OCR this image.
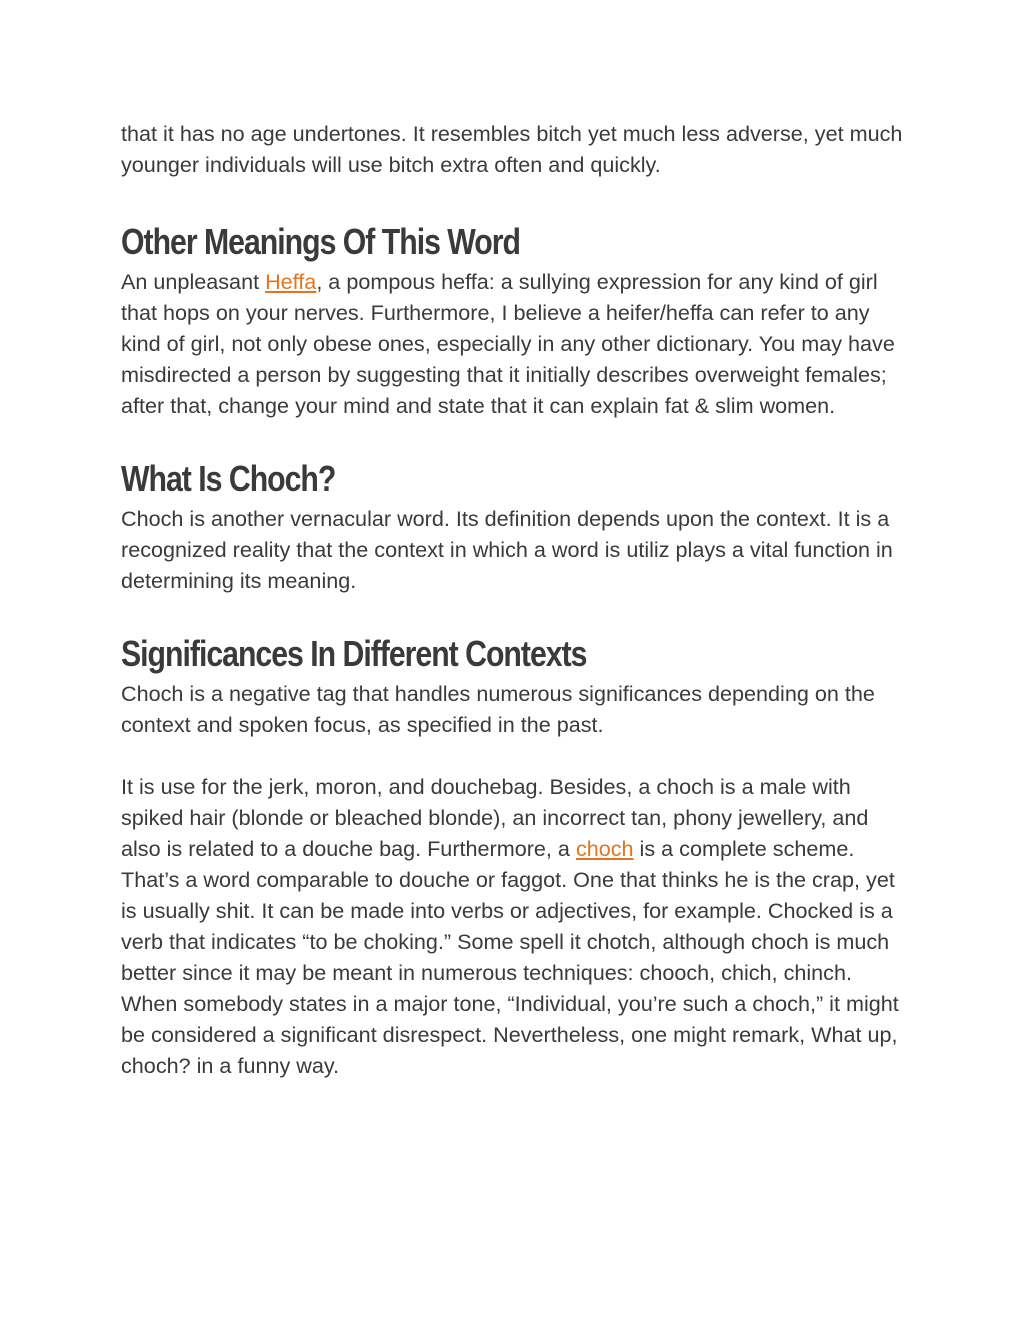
that it has no age undertones. It resembles bitch yet much less adverse, yet much younger individuals will use bitch extra often and quickly.

Other Meanings Of This Word

An unpleasant Heffa, a pompous heffa: a sullying expression for any kind of girl that hops on your nerves. Furthermore, I believe a heifer/heffa can refer to any kind of girl, not only obese ones, especially in any other dictionary. You may have misdirected a person by suggesting that it initially describes overweight females; after that, change your mind and state that it can explain fat & slim women.

What Is Choch?

Choch is another vernacular word. Its definition depends upon the context. It is a recognized reality that the context in which a word is utiliz plays a vital function in determining its meaning.

Significances In Different Contexts

Choch is a negative tag that handles numerous significances depending on the context and spoken focus, as specified in the past.

It is use for the jerk, moron, and douchebag. Besides, a choch is a male with spiked hair (blonde or bleached blonde), an incorrect tan, phony jewellery, and also is related to a douche bag. Furthermore, a choch is a complete scheme. That’s a word comparable to douche or faggot. One that thinks he is the crap, yet is usually shit. It can be made into verbs or adjectives, for example. Chocked is a verb that indicates “to be choking.” Some spell it chotch, although choch is much better since it may be meant in numerous techniques: chooch, chich, chinch. When somebody states in a major tone, “Individual, you’re such a choch,” it might be considered a significant disrespect. Nevertheless, one might remark, What up, choch? in a funny way.
